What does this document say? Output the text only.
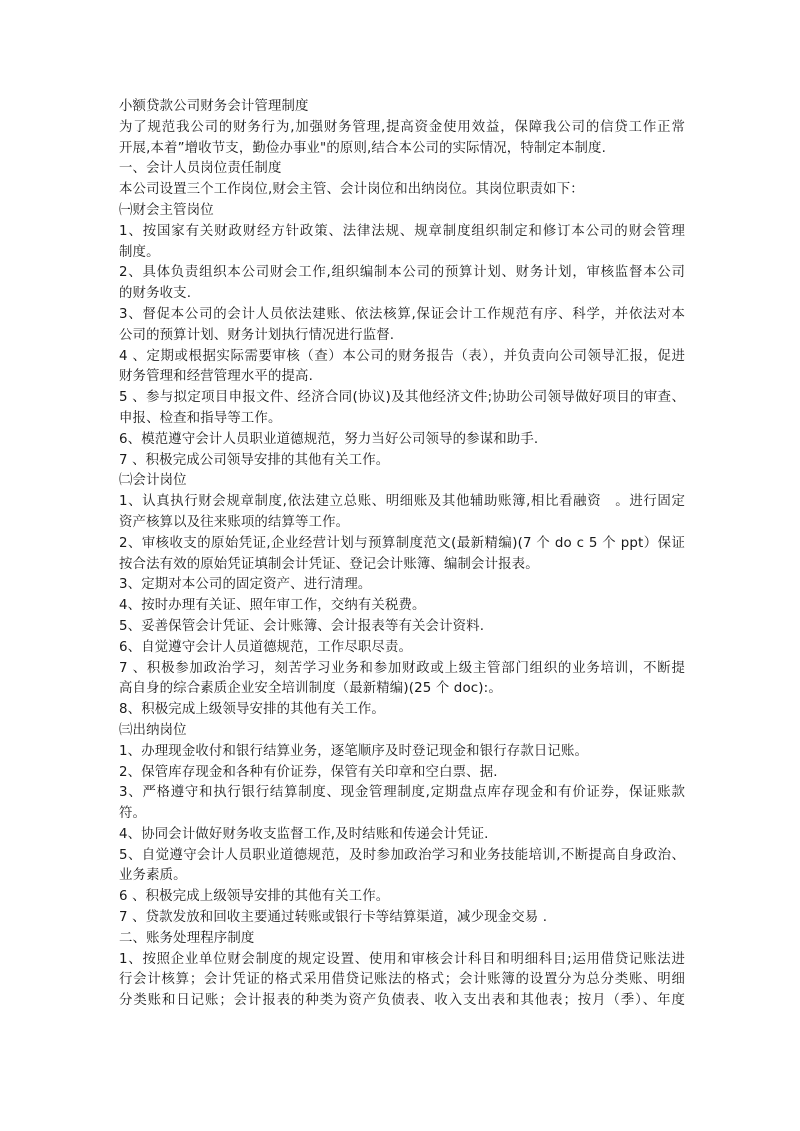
小额贷款公司财务会计管理制度
为了规范我公司的财务行为,加强财务管理,提高资金使用效益，保障我公司的信贷工作正常
开展,本着”增收节支，勤俭办事业"的原则,结合本公司的实际情况，特制定本制度.
一、会计人员岗位责任制度
本公司设置三个工作岗位,财会主管、会计岗位和出纳岗位。其岗位职责如下：
㈠财会主管岗位
1、按国家有关财政财经方针政策、法律法规、规章制度组织制定和修订本公司的财会管理
制度。
2、具体负责组织本公司财会工作,组织编制本公司的预算计划、财务计划，审核监督本公司
的财务收支.
3、督促本公司的会计人员依法建账、依法核算,保证会计工作规范有序、科学，并依法对本
公司的预算计划、财务计划执行情况进行监督.
4 、定期或根据实际需要审核（查）本公司的财务报告（表），并负责向公司领导汇报，促进
财务管理和经营管理水平的提高.
5 、参与拟定项目申报文件、经济合同(协议)及其他经济文件;协助公司领导做好项目的审查、
申报、检查和指导等工作。
6、模范遵守会计人员职业道德规范，努力当好公司领导的参谋和助手.
7 、积极完成公司领导安排的其他有关工作。
㈡会计岗位
1、认真执行财会规章制度,依法建立总账、明细账及其他辅助账簿,相比看融资　。进行固定
资产核算以及往来账项的结算等工作。
2、审核收支的原始凭证,企业经营计划与预算制度范文(最新精编)(7 个 do c 5 个 ppt）保证
按合法有效的原始凭证填制会计凭证、登记会计账簿、编制会计报表。
3、定期对本公司的固定资产、进行清理。
4、按时办理有关证、照年审工作，交纳有关税费。
5、妥善保管会计凭证、会计账簿、会计报表等有关会计资料.
6、自觉遵守会计人员道德规范，工作尽职尽责。
7 、积极参加政治学习，刻苦学习业务和参加财政或上级主管部门组织的业务培训，不断提
高自身的综合素质企业安全培训制度（最新精编)(25 个 doc):。
8、积极完成上级领导安排的其他有关工作。
㈢出纳岗位
1、办理现金收付和银行结算业务，逐笔顺序及时登记现金和银行存款日记账。
2、保管库存现金和各种有价证券，保管有关印章和空白票、据.
3、严格遵守和执行银行结算制度、现金管理制度,定期盘点库存现金和有价证券，保证账款
符。
4、协同会计做好财务收支监督工作,及时结账和传递会计凭证.
5、自觉遵守会计人员职业道德规范，及时参加政治学习和业务技能培训,不断提高自身政治、
业务素质。
6 、积极完成上级领导安排的其他有关工作。
7 、贷款发放和回收主要通过转账或银行卡等结算渠道，减少现金交易 .
二、账务处理程序制度
1、按照企业单位财会制度的规定设置、使用和审核会计科目和明细科目;运用借贷记账法进
行会计核算；会计凭证的格式采用借贷记账法的格式；会计账簿的设置分为总分类账、明细
分类账和日记账；会计报表的种类为资产负债表、收入支出表和其他表；按月（季）、年度
